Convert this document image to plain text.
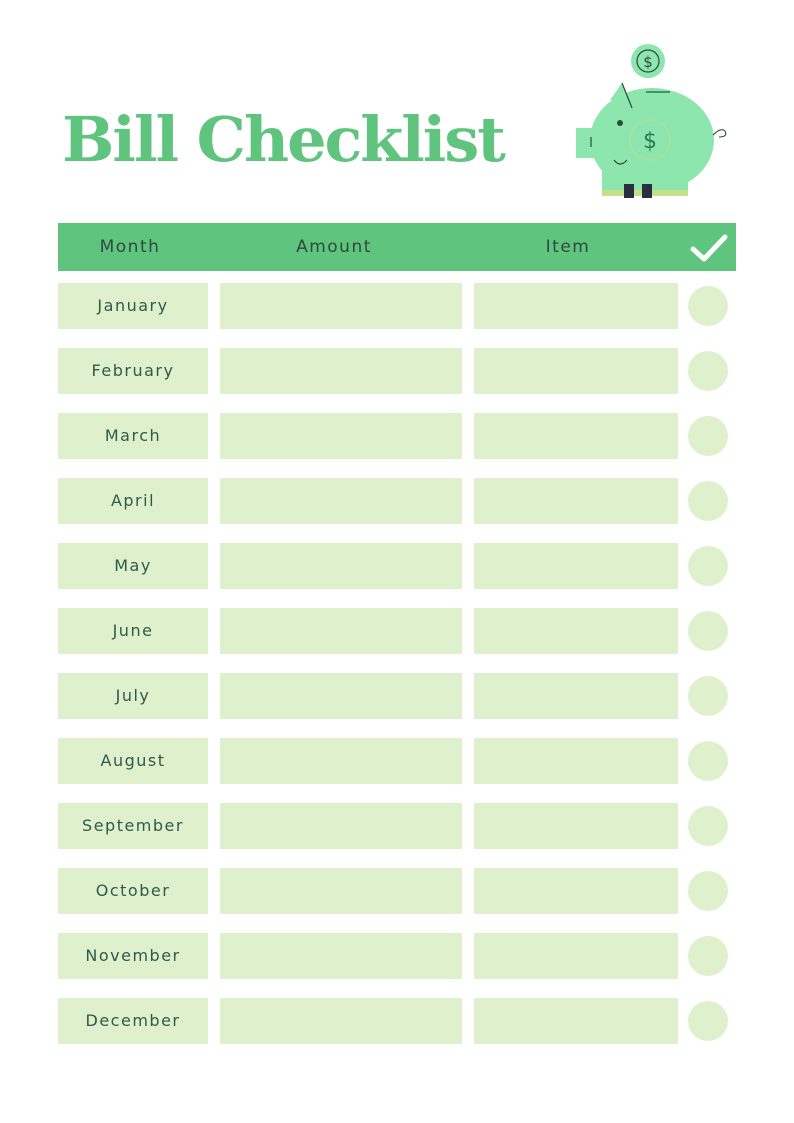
Bill Checklist
$
$
Month	Amount	Item
January
February
March
April
May
June
July
August
September
October
November
December
